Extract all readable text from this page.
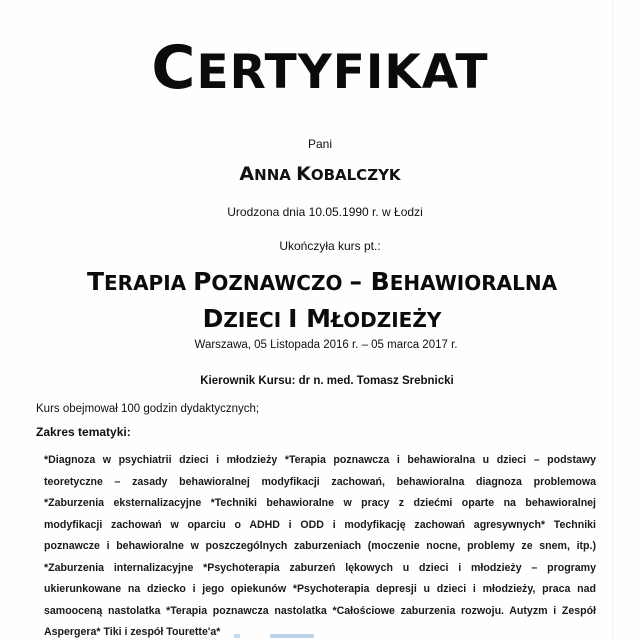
CERTYFIKAT
Pani
ANNA KOBALCZYK
Urodzona dnia 10.05.1990 r. w Łodzi
Ukończyła kurs pt.:
TERAPIA POZNAWCZO – BEHAWIORALNA
DZIECI I MŁODZIEŻY
Warszawa, 05 Listopada 2016 r. – 05 marca 2017 r.
Kierownik Kursu: dr n. med. Tomasz Srebnicki
Kurs obejmował 100 godzin dydaktycznych;
Zakres tematyki:
*Diagnoza w psychiatrii dzieci i młodzieży *Terapia poznawcza i behawioralna u dzieci – podstawy
teoretyczne – zasady behawioralnej modyfikacji zachowań, behawioralna diagnoza problemowa
*Zaburzenia eksternalizacyjne *Techniki behawioralne w pracy z dziećmi oparte na behawioralnej
modyfikacji zachowań w oparciu o ADHD i ODD i modyfikację zachowań agresywnych* Techniki
poznawcze i behawioralne w poszczególnych zaburzeniach (moczenie nocne, problemy ze snem, itp.)
*Zaburzenia internalizacyjne *Psychoterapia zaburzeń lękowych u dzieci i młodzieży – programy
ukierunkowane na dziecko i jego opiekunów *Psychoterapia depresji u dzieci i młodzieży, praca nad
samooceną nastolatka *Terapia poznawcza nastolatka *Całościowe zaburzenia rozwoju. Autyzm i Zespół
Aspergera* Tiki i zespół Tourette'a*
